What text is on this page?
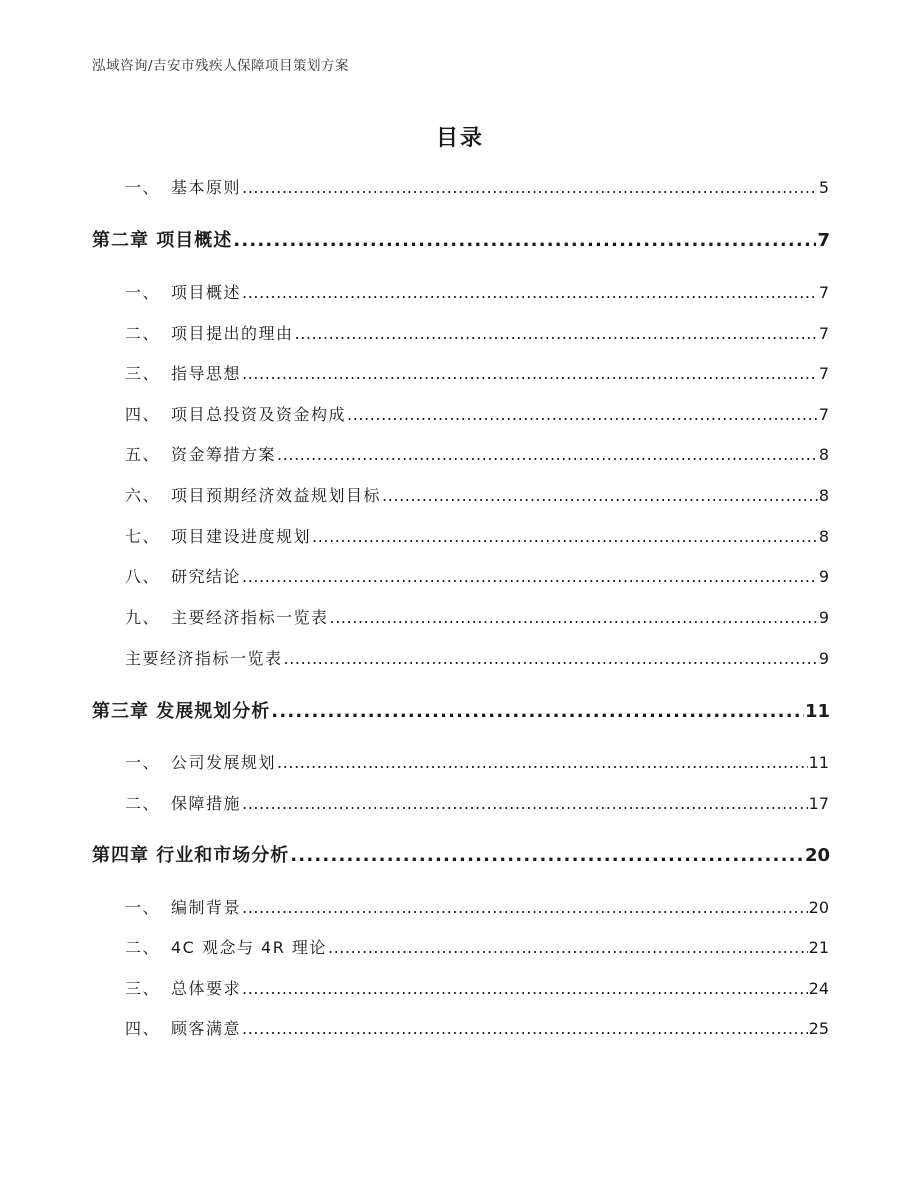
泓域咨询/吉安市残疾人保障项目策划方案
目录
一、 基本原则 .....	5
第二章 项目概述 .....	7
一、 项目概述 .....	7
二、 项目提出的理由 .....	7
三、 指导思想 .....	7
四、 项目总投资及资金构成 .....	7
五、 资金筹措方案 .....	8
六、 项目预期经济效益规划目标 .....	8
七、 项目建设进度规划 .....	8
八、 研究结论 .....	9
九、 主要经济指标一览表 .....	9
主要经济指标一览表 .....	9
第三章 发展规划分析 .....	11
一、 公司发展规划 .....	11
二、 保障措施 .....	17
第四章 行业和市场分析 .....	20
一、 编制背景 .....	20
二、 4C 观念与 4R 理论 .....	21
三、 总体要求 .....	24
四、 顾客满意 .....	25
